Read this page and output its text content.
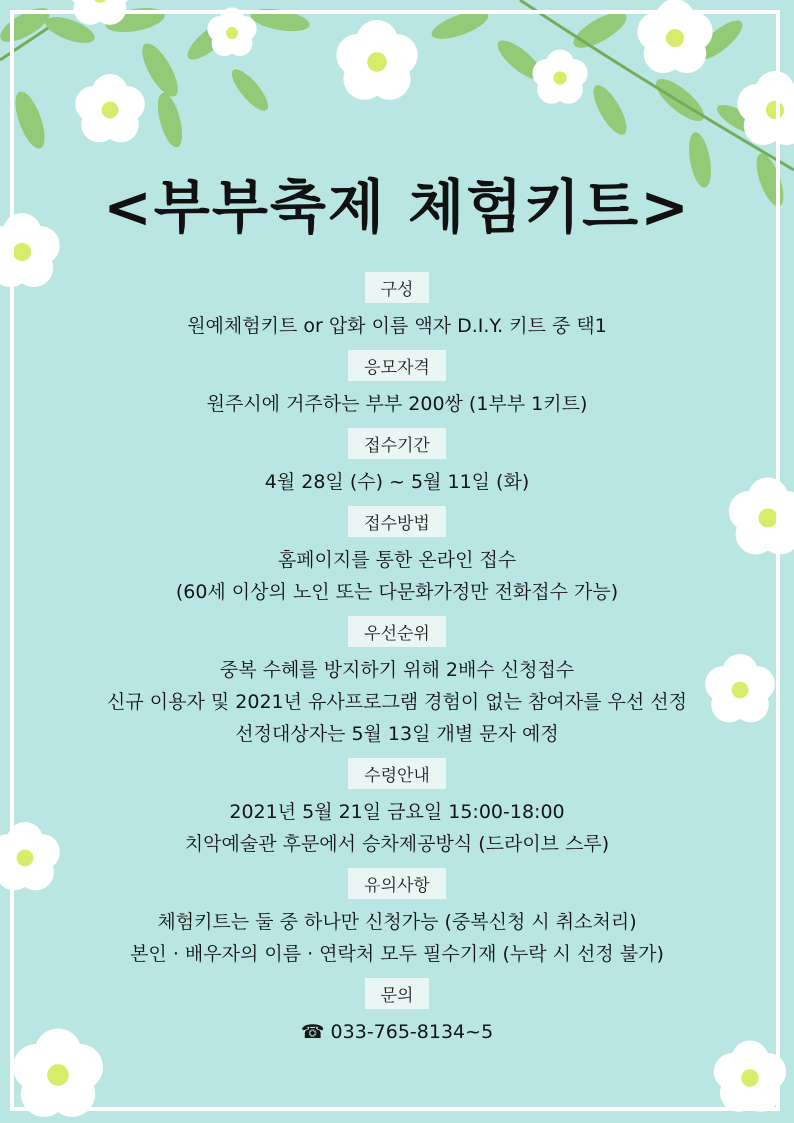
<부부축제 체험키트>
구성
원예체험키트 or 압화 이름 액자 D.I.Y. 키트 중 택1
응모자격
원주시에 거주하는 부부 200쌍 (1부부 1키트)
접수기간
4월 28일 (수) ~ 5월 11일 (화)
접수방법
홈페이지를 통한 온라인 접수
(60세 이상의 노인 또는 다문화가정만 전화접수 가능)
우선순위
중복 수혜를 방지하기 위해 2배수 신청접수
신규 이용자 및 2021년 유사프로그램 경험이 없는 참여자를 우선 선정
선정대상자는 5월 13일 개별 문자 예정
수령안내
2021년 5월 21일 금요일 15:00-18:00
치악예술관 후문에서 승차제공방식 (드라이브 스루)
유의사항
체험키트는 둘 중 하나만 신청가능 (중복신청 시 취소처리)
본인 · 배우자의 이름 · 연락처 모두 필수기재 (누락 시 선정 불가)
문의
☎ 033-765-8134~5
